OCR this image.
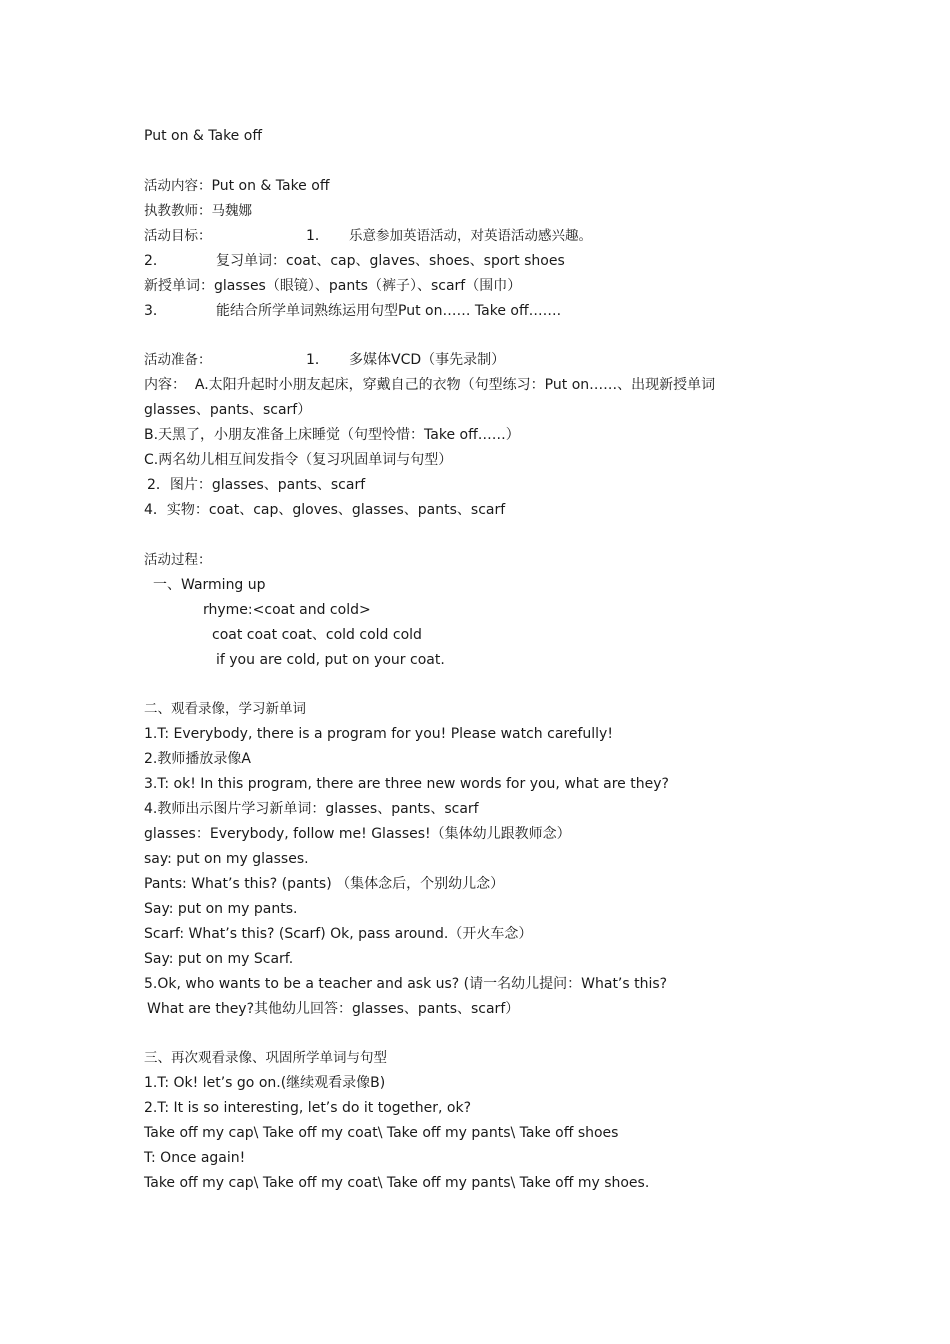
Put on & Take off
活动内容：Put on & Take off
执教教师：马魏娜
活动目标：	1． 乐意参加英语活动，对英语活动感兴趣。
2．	复习单词：coat、cap、glaves、shoes、sport shoes
新授单词：glasses（眼镜）、pants（裤子）、scarf（围巾）
3．	能结合所学单词熟练运用句型Put on…… Take off…….
活动准备：	1． 多媒体VCD（事先录制）
内容：  A.太阳升起时小朋友起床，穿戴自己的衣物（句型练习：Put on……、出现新授单词
glasses、pants、scarf）
B.天黑了，小朋友准备上床睡觉（句型怜惜：Take off……）
C.两名幼儿相互间发指令（复习巩固单词与句型）
2．图片：glasses、pants、scarf
4．实物：coat、cap、gloves、glasses、pants、scarf
活动过程：
一、Warming up
rhyme:<coat and cold>
coat coat coat、cold cold cold
if you are cold, put on your coat.
二、观看录像，学习新单词
1.T: Everybody, there is a program for you! Please watch carefully!
2.教师播放录像A
3.T: ok! In this program, there are three new words for you, what are they?
4.教师出示图片学习新单词：glasses、pants、scarf
glasses：Everybody, follow me! Glasses!（集体幼儿跟教师念）
say: put on my glasses.
Pants: What’s this? (pants) （集体念后，个别幼儿念）
Say: put on my pants.
Scarf: What’s this? (Scarf) Ok, pass around.（开火车念）
Say: put on my Scarf.
5.Ok, who wants to be a teacher and ask us? (请一名幼儿提问：What’s this?
What are they?其他幼儿回答：glasses、pants、scarf）
三、再次观看录像、巩固所学单词与句型
1.T: Ok! let’s go on.(继续观看录像B)
2.T: It is so interesting, let’s do it together, ok?
Take off my cap\ Take off my coat\ Take off my pants\ Take off shoes
T: Once again!
Take off my cap\ Take off my coat\ Take off my pants\ Take off my shoes.
